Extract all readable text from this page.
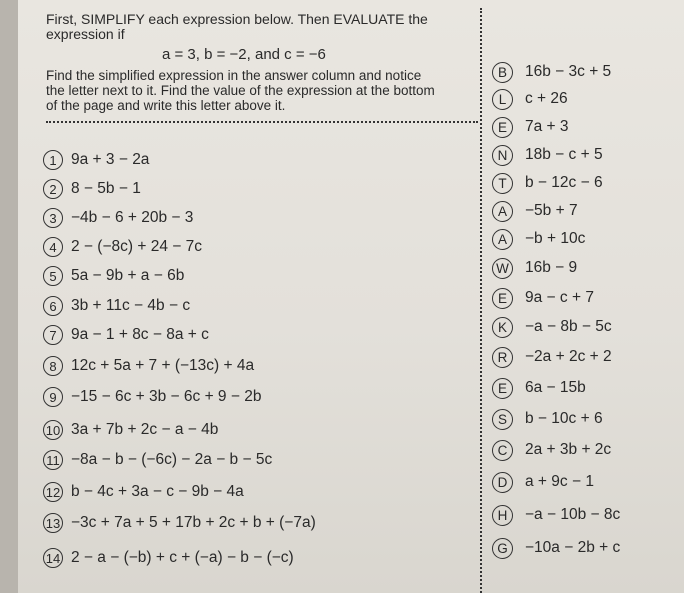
First, SIMPLIFY each expression below. Then EVALUATE the
expression if
a = 3, b = −2, and c = −6
Find the simplified expression in the answer column and notice
the letter next to it. Find the value of the expression at the bottom
of the page and write this letter above it.
1 9a + 3 − 2a
2 8 − 5b − 1
3 −4b − 6 + 20b − 3
4 2 − (−8c) + 24 − 7c
5 5a − 9b + a − 6b
6 3b + 11c − 4b − c
7 9a − 1 + 8c − 8a + c
8 12c + 5a + 7 + (−13c) + 4a
9 −15 − 6c + 3b − 6c + 9 − 2b
10 3a + 7b + 2c − a − 4b
11 −8a − b − (−6c) − 2a − b − 5c
12 b − 4c + 3a − c − 9b − 4a
13 −3c + 7a + 5 + 17b + 2c + b + (−7a)
14 2 − a − (−b) + c + (−a) − b − (−c)
B	16b − 3c + 5
L	c + 26
E	7a + 3
N	18b − c + 5
T	b − 12c − 6
A	−5b + 7
A	−b + 10c
W 16b − 9
E	9a − c + 7
K	−a − 8b − 5c
R	−2a + 2c + 2
E	6a − 15b
S	b − 10c + 6
C	2a + 3b + 2c
D	a + 9c − 1
H	−a − 10b − 8c
G	−10a − 2b + c
